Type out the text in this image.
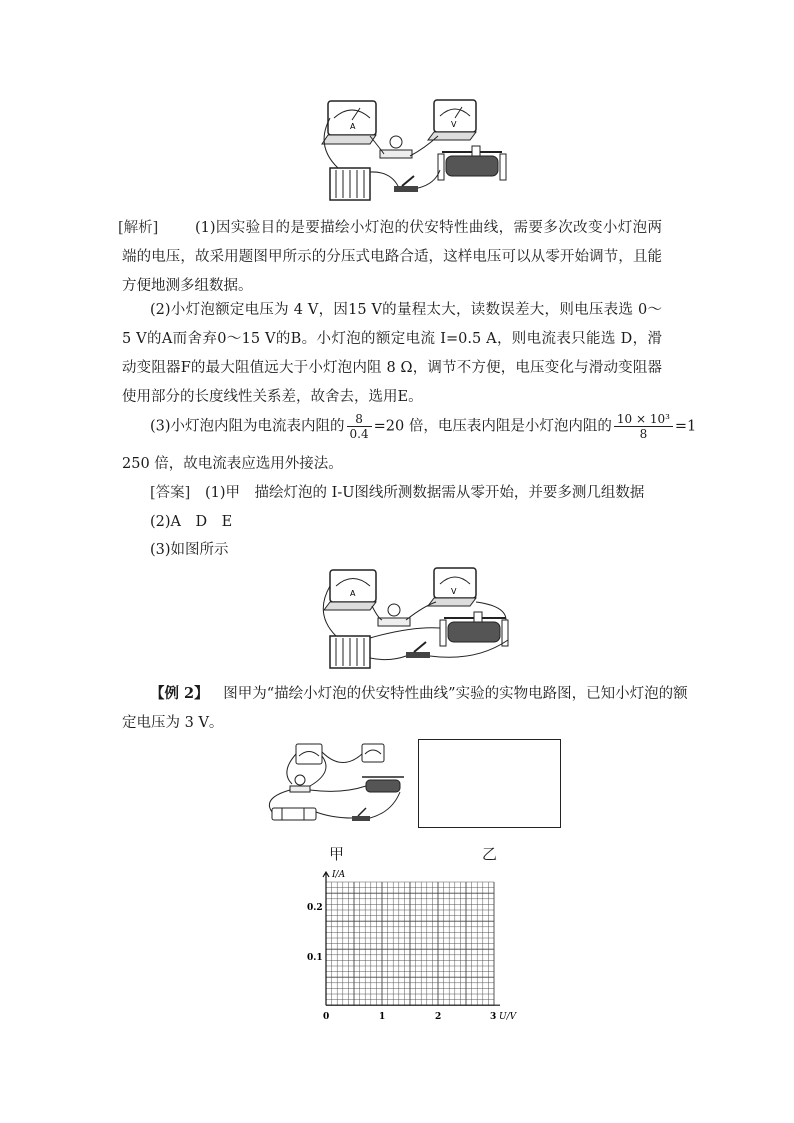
A	V
[解析]	(1)因实验目的是要描绘小灯泡的伏安特性曲线，需要多次改变小灯泡两端的电压，故采用题图甲所示的分压式电路合适，这样电压可以从零开始调节，且能方便地测多组数据。
(2)小灯泡额定电压为 4 V，因15 V的量程太大，读数误差大，则电压表选 0～5 V的A而舍弃0～15 V的B。小灯泡的额定电流 I=0.5 A，则电流表只能选 D，滑动变阻器F的最大阻值远大于小灯泡内阻 8 Ω，调节不方便，电压变化与滑动变阻器使用部分的长度线性关系差，故舍去，选用E。
(3)小灯泡内阻为电流表内阻的 $\frac{8}{0.4} =20$ 倍，电压表内阻是小灯泡内阻的 $\frac{\text{10 × 10³}}{8} =1$
250 倍，故电流表应选用外接法。
[答案] (1)甲　描绘灯泡的 I-U图线所测数据需从零开始，并要多测几组数据
(2)A　D　E
(3)如图所示
A	V
【例 2】 图甲为“描绘小灯泡的伏安特性曲线”实验的实物电路图，已知小灯泡的额
定电压为 3 V。
甲	乙
I/A
U/V
0.2
0.1
0	1	2	3
